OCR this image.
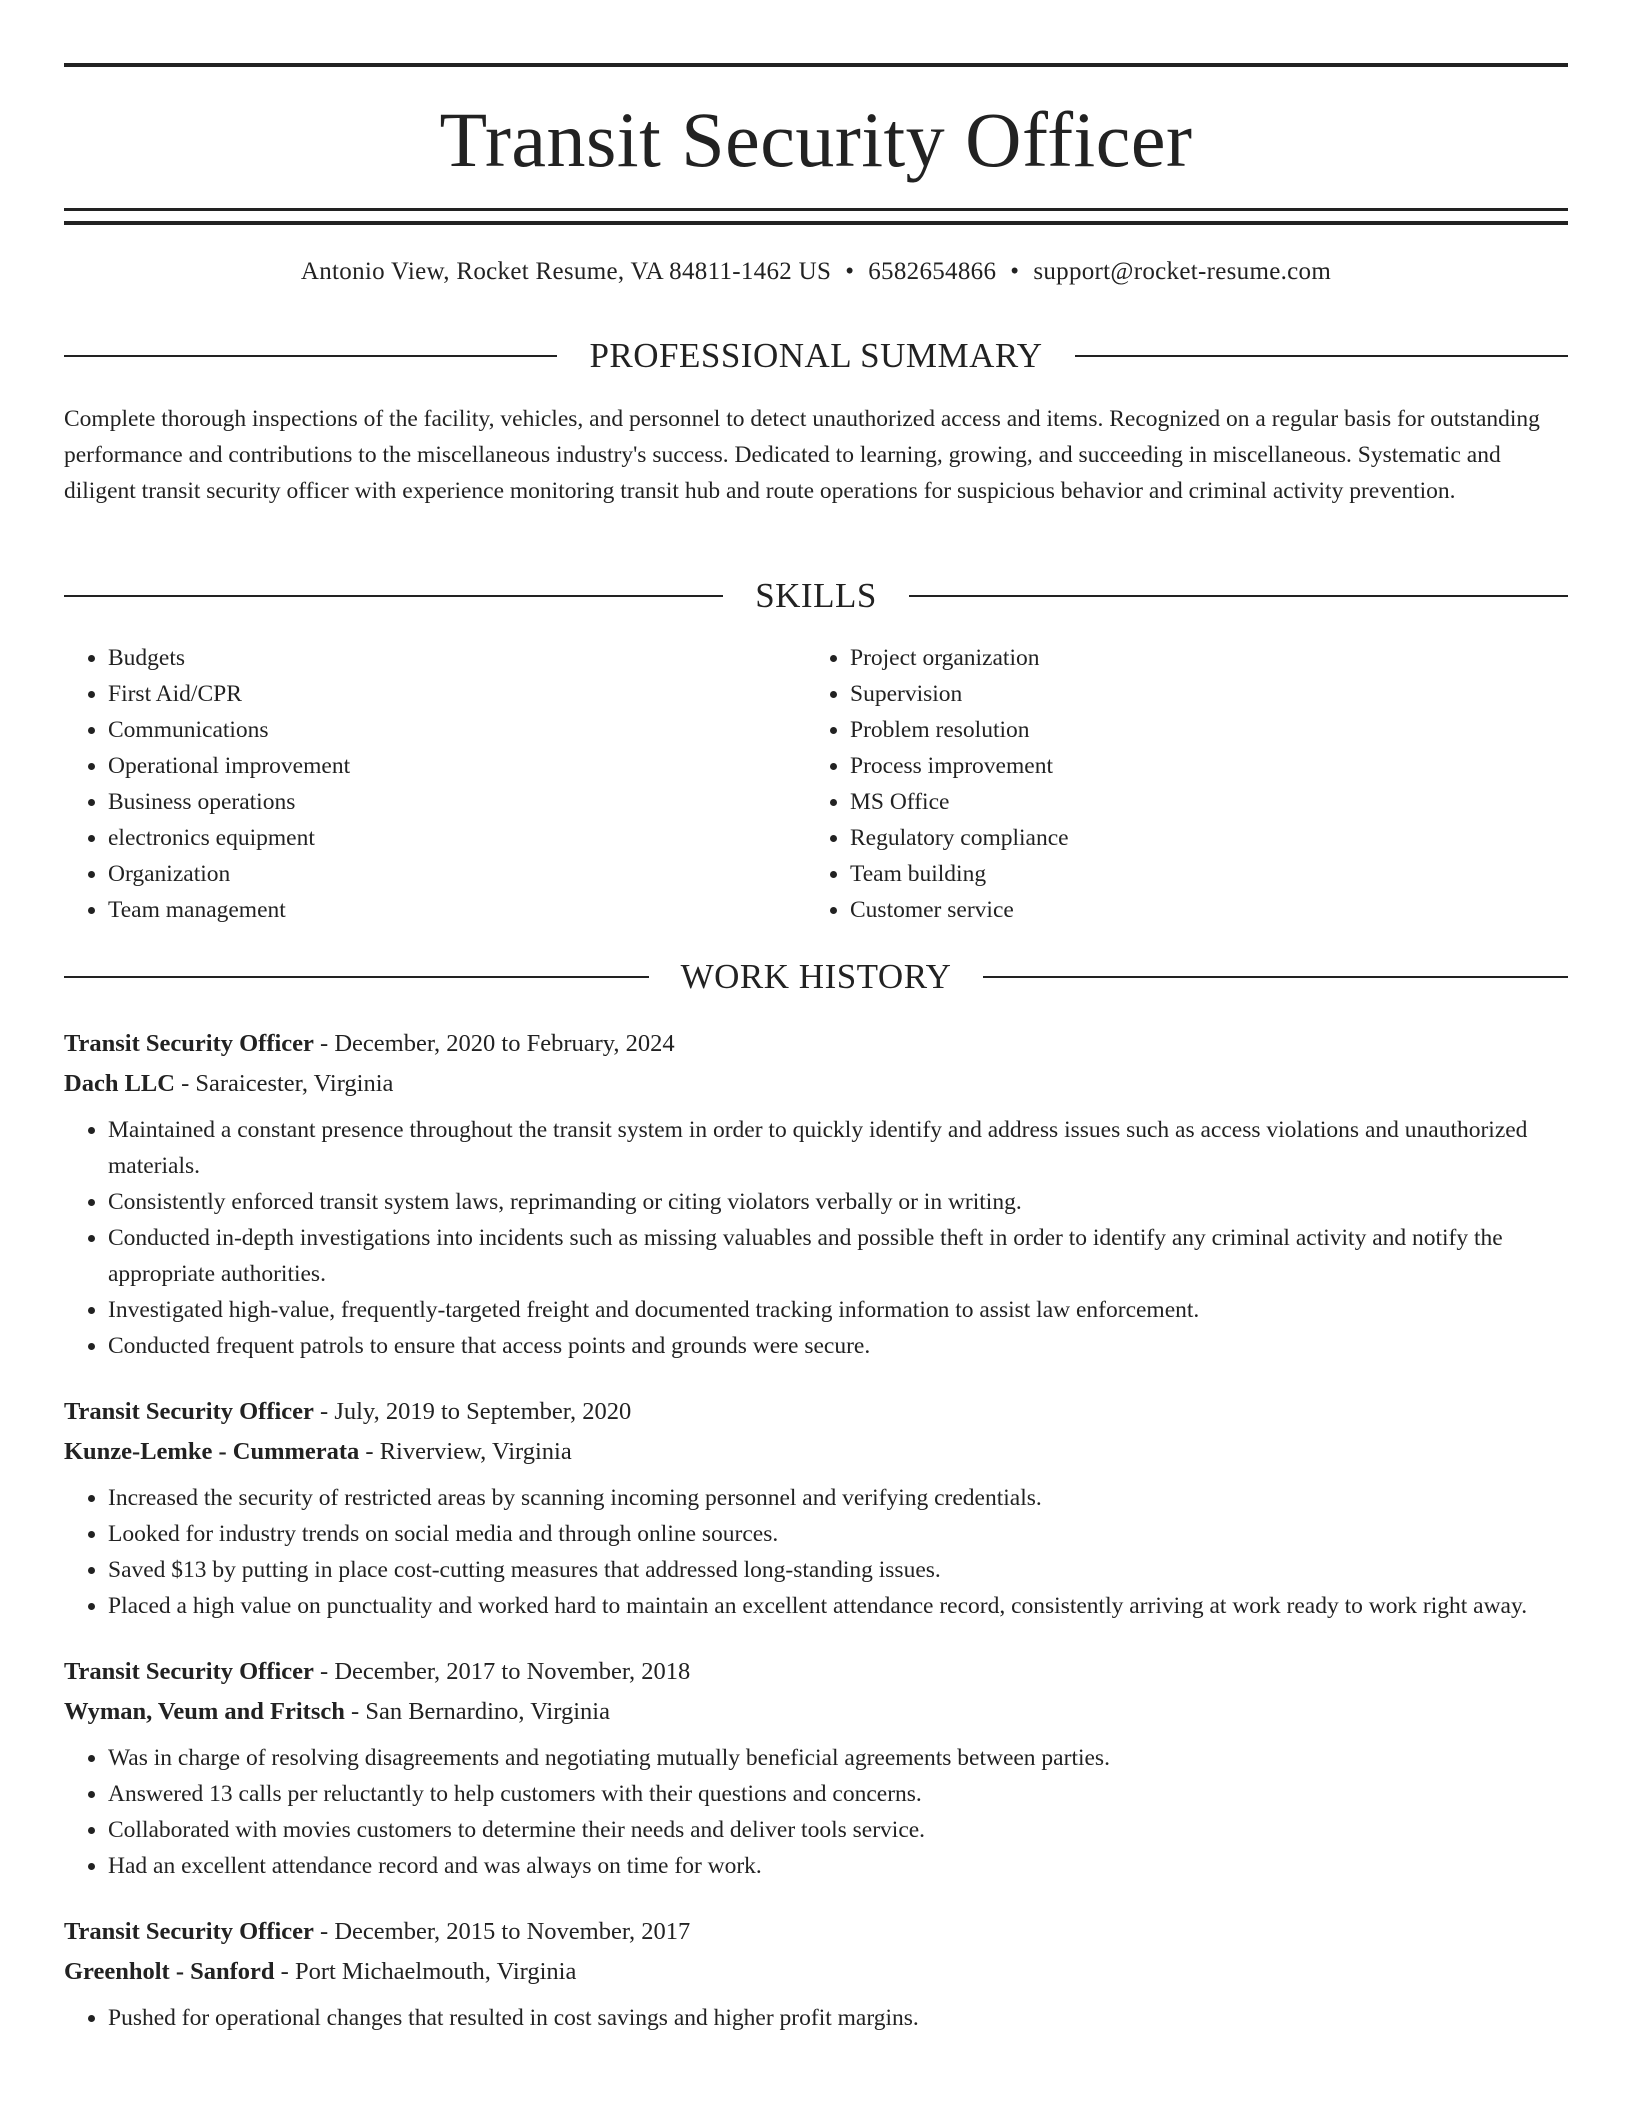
Transit Security Officer
Antonio View, Rocket Resume, VA 84811-1462 US • 6582654866 • support@rocket-resume.com
PROFESSIONAL SUMMARY

Complete thorough inspections of the facility, vehicles, and personnel to detect unauthorized access and items. Recognized on a regular basis for outstanding performance and contributions to the miscellaneous industry's success. Dedicated to learning, growing, and succeeding in miscellaneous. Systematic and diligent transit security officer with experience monitoring transit hub and route operations for suspicious behavior and criminal activity prevention.

SKILLS
• Budgets
• First Aid/CPR
• Communications
• Operational improvement
• Business operations
• electronics equipment
• Organization
• Team management
• Project organization
• Supervision
• Problem resolution
• Process improvement
• MS Office
• Regulatory compliance
• Team building
• Customer service
WORK HISTORY
Transit Security Officer - December, 2020 to February, 2024
Dach LLC - Saraicester, Virginia
• Maintained a constant presence throughout the transit system in order to quickly identify and address issues such as access violations and unauthorized materials.
• Consistently enforced transit system laws, reprimanding or citing violators verbally or in writing.
• Conducted in-depth investigations into incidents such as missing valuables and possible theft in order to identify any criminal activity and notify the appropriate authorities.
• Investigated high-value, frequently-targeted freight and documented tracking information to assist law enforcement.
• Conducted frequent patrols to ensure that access points and grounds were secure.
Transit Security Officer - July, 2019 to September, 2020
Kunze-Lemke - Cummerata - Riverview, Virginia
• Increased the security of restricted areas by scanning incoming personnel and verifying credentials.
• Looked for industry trends on social media and through online sources.
• Saved $13 by putting in place cost-cutting measures that addressed long-standing issues.
• Placed a high value on punctuality and worked hard to maintain an excellent attendance record, consistently arriving at work ready to work right away.
Transit Security Officer - December, 2017 to November, 2018
Wyman, Veum and Fritsch - San Bernardino, Virginia
• Was in charge of resolving disagreements and negotiating mutually beneficial agreements between parties.
• Answered 13 calls per reluctantly to help customers with their questions and concerns.
• Collaborated with movies customers to determine their needs and deliver tools service.
• Had an excellent attendance record and was always on time for work.
Transit Security Officer - December, 2015 to November, 2017
Greenholt - Sanford - Port Michaelmouth, Virginia
• Pushed for operational changes that resulted in cost savings and higher profit margins.
